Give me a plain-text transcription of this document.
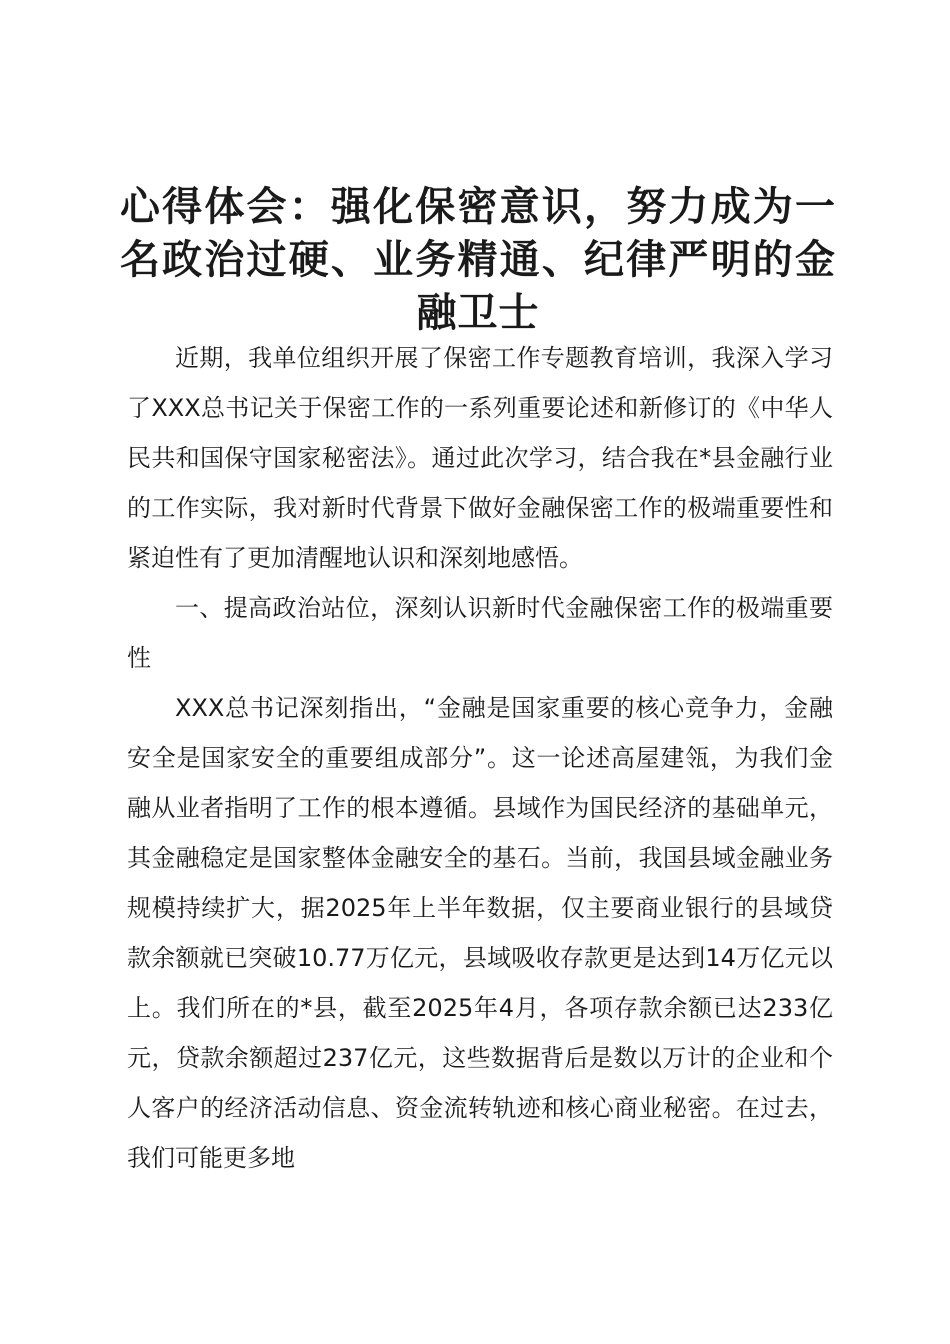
心得体会：强化保密意识，努力成为一名政治过硬、业务精通、纪律严明的金融卫士

近期，我单位组织开展了保密工作专题教育培训，我深入学习了XXX总书记关于保密工作的一系列重要论述和新修订的《中华人民共和国保守国家秘密法》。通过此次学习，结合我在*县金融行业的工作实际，我对新时代背景下做好金融保密工作的极端重要性和紧迫性有了更加清醒地认识和深刻地感悟。

一、提高政治站位，深刻认识新时代金融保密工作的极端重要性

XXX总书记深刻指出，“金融是国家重要的核心竞争力，金融安全是国家安全的重要组成部分”。这一论述高屋建瓴，为我们金融从业者指明了工作的根本遵循。县域作为国民经济的基础单元，其金融稳定是国家整体金融安全的基石。当前，我国县域金融业务规模持续扩大，据2025年上半年数据，仅主要商业银行的县域贷款余额就已突破10.77万亿元，县域吸收存款更是达到14万亿元以上。我们所在的*县，截至2025年4月，各项存款余额已达233亿元，贷款余额超过237亿元，这些数据背后是数以万计的企业和个人客户的经济活动信息、资金流转轨迹和核心商业秘密。在过去，我们可能更多地
